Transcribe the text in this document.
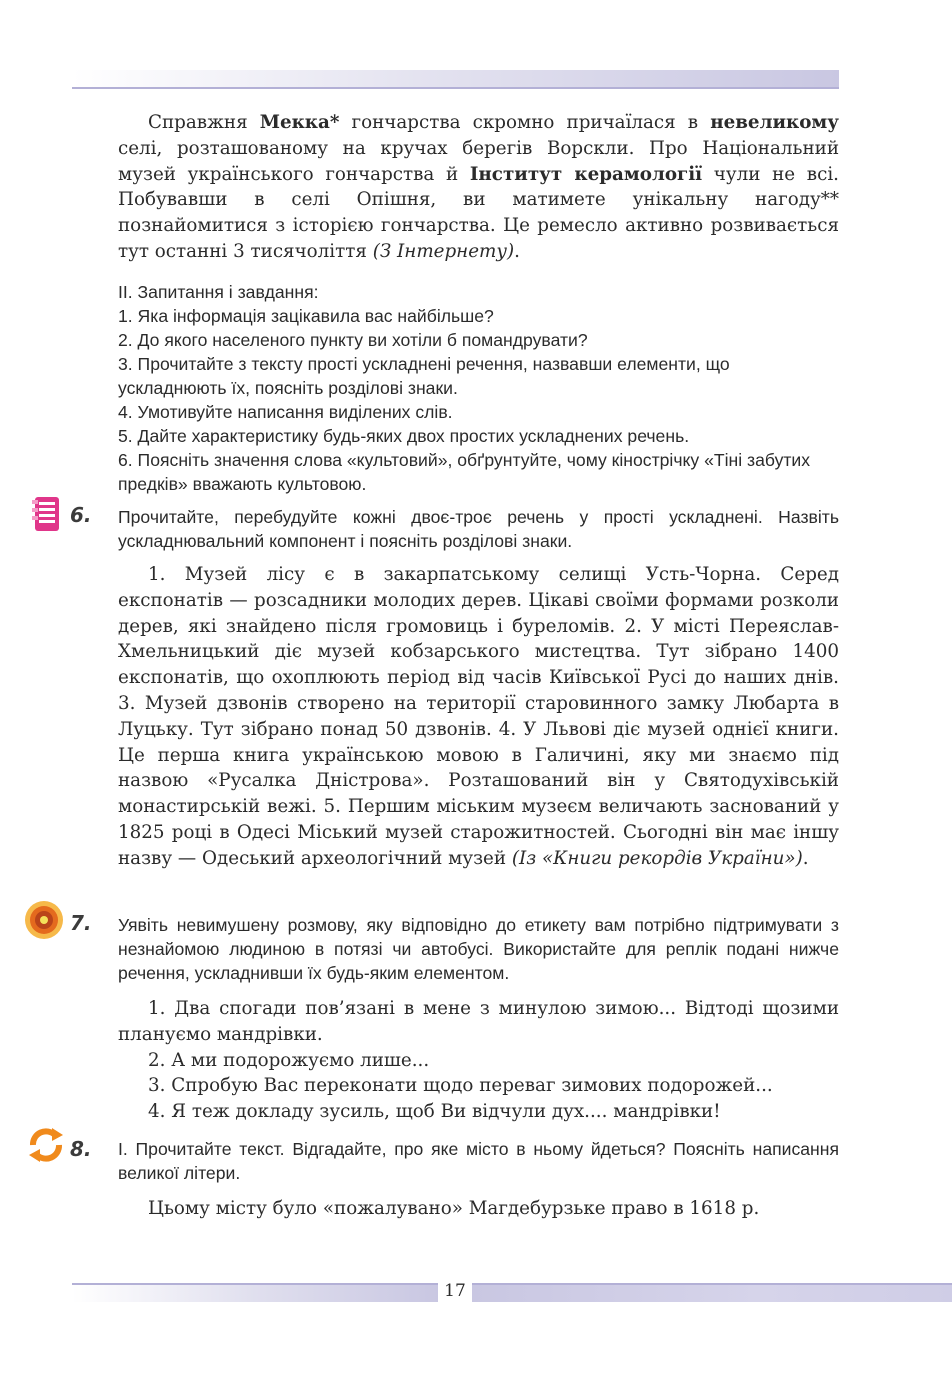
Справжня Мекка* гончарства скромно причаїлася в невеликому селі, розташованому на кручах берегів Ворскли. Про Національний музей українського гончарства й Інститут керамології чули не всі. Побувавши в селі Опішня, ви матимете унікальну нагоду** познайомитися з історією гончарства. Це ремесло активно розвивається тут останні 3 тисячоліття (З Інтернету).

ІІ. Запитання і завдання:

1. Яка інформація зацікавила вас найбільше?

2. До якого населеного пункту ви хотіли б помандрувати?

3. Прочитайте з тексту прості ускладнені речення, назвавши елементи, що ускладнюють їх, поясніть розділові знаки.

4. Умотивуйте написання виділених слів.

5. Дайте характеристику будь-яких двох простих ускладнених речень.

6. Поясніть значення слова «культовий», обґрунтуйте, чому кінострічку «Тіні забутих предків» вважають культовою.

6. Прочитайте, перебудуйте кожні двоє-троє речень у прості ускладнені. Назвіть ускладнювальний компонент і поясніть розділові знаки.
1. Музей лісу є в закарпатському селищі Усть-Чорна. Серед експонатів — розсадники молодих дерев. Цікаві своїми формами розколи дерев, які знайдено після громовиць і буреломів. 2. У місті Переяслав-Хмельницький діє музей кобзарського мистецтва. Тут зібрано 1400 експонатів, що охоплюють період від часів Київської Русі до наших днів. 3. Музей дзвонів створено на території старовинного замку Любарта в Луцьку. Тут зібрано понад 50 дзвонів. 4. У Львові діє музей однієї книги. Це перша книга українською мовою в Галичині, яку ми знаємо під назвою «Русалка Дністрова». Розташований він у Святодухівській монастирській вежі. 5. Першим міським музеєм величають заснований у 1825 році в Одесі Міський музей старожитностей. Сьогодні він має іншу назву — Одеський археологічний музей (Із «Книги рекордів України»).
7. Уявіть невимушену розмову, яку відповідно до етикету вам потрібно підтримувати з незнайомою людиною в потязі чи автобусі. Використайте для реплік подані нижче речення, ускладнивши їх будь-яким елементом.

1. Два спогади пов’язані в мене з минулою зимою... Відтоді щозими плануємо мандрівки.

2. А ми подорожуємо лише...

3. Спробую Вас переконати щодо переваг зимових подорожей...

4. Я теж докладу зусиль, щоб Ви відчули дух.... мандрівки!

8. І. Прочитайте текст. Відгадайте, про яке місто в ньому йдеться? Поясніть написання великої літери.
Цьому місту було «пожалувано» Магдебурзьке право в 1618 р.
17
